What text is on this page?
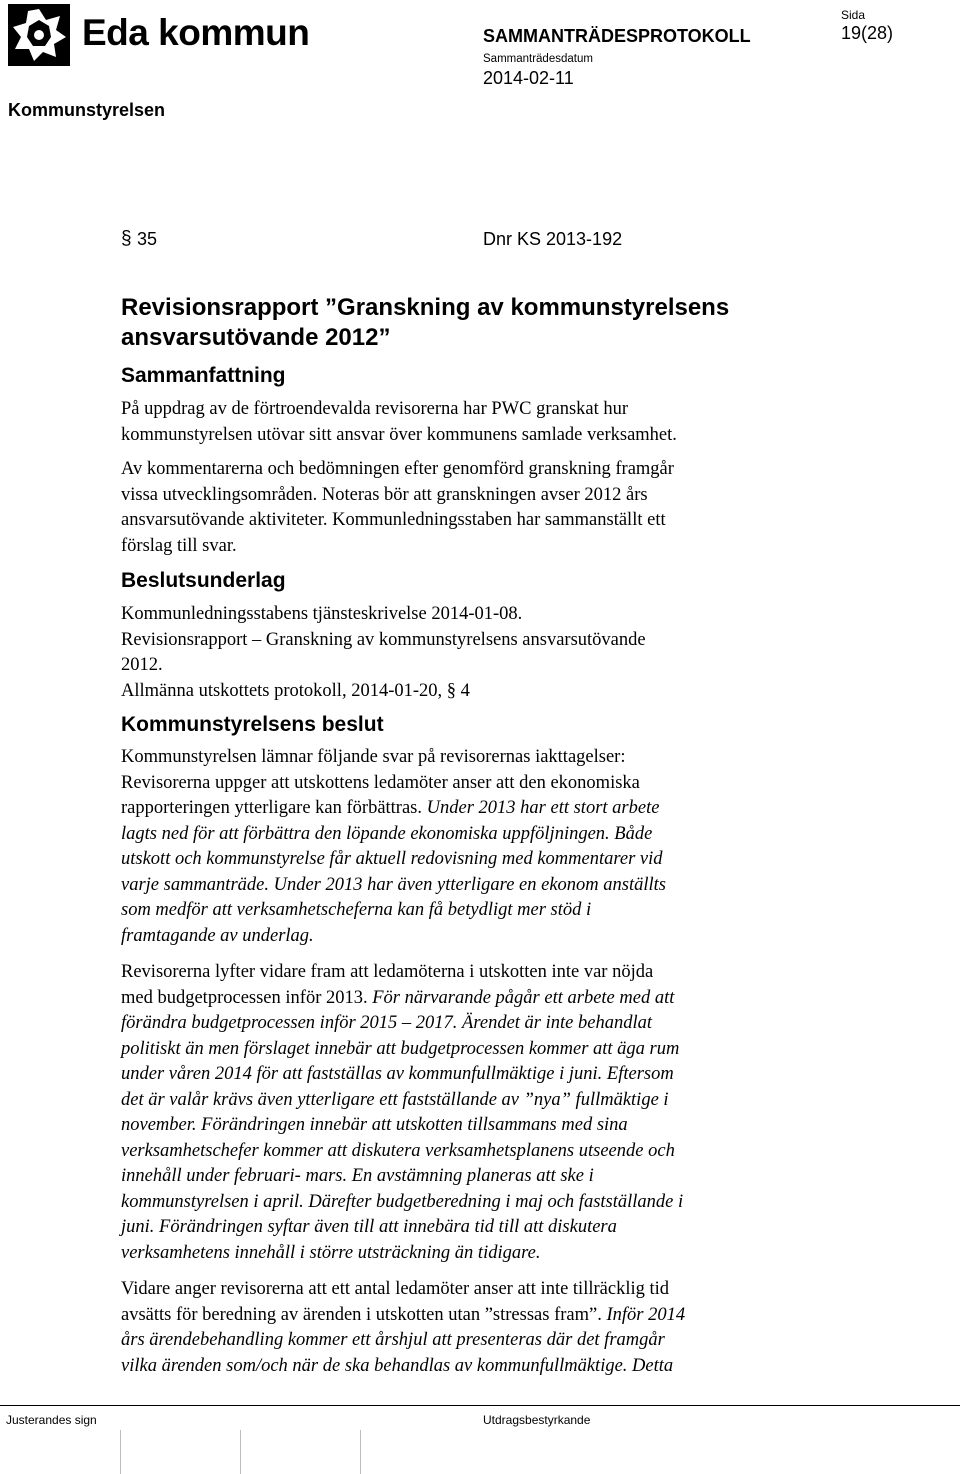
Eda kommun	SAMMANTRÄDESPROTOKOLL
Sammanträdesdatum
2014-02-11
Sida
19(28)
Kommunstyrelsen
§ 35	Dnr KS 2013-192
Revisionsrapport ”Granskning av kommunstyrelsens
ansvarsutövande 2012”
Sammanfattning

På uppdrag av de förtroendevalda revisorerna har PWC granskat hur
kommunstyrelsen utövar sitt ansvar över kommunens samlade verksamhet.

Av kommentarerna och bedömningen efter genomförd granskning framgår
vissa utvecklingsområden. Noteras bör att granskningen avser 2012 års
ansvarsutövande aktiviteter. Kommunledningsstaben har sammanställt ett
förslag till svar.

Beslutsunderlag
Kommunledningsstabens tjänsteskrivelse 2014-01-08.
Revisionsrapport – Granskning av kommunstyrelsens ansvarsutövande
2012.
Allmänna utskottets protokoll, 2014-01-20, § 4
Kommunstyrelsens beslut
Kommunstyrelsen lämnar följande svar på revisorernas iakttagelser:
Revisorerna uppger att utskottens ledamöter anser att den ekonomiska
rapporteringen ytterligare kan förbättras. Under 2013 har ett stort arbete
lagts ned för att förbättra den löpande ekonomiska uppföljningen. Både
utskott och kommunstyrelse får aktuell redovisning med kommentarer vid
varje sammanträde. Under 2013 har även ytterligare en ekonom anställts
som medför att verksamhetscheferna kan få betydligt mer stöd i
framtagande av underlag.
Revisorerna lyfter vidare fram att ledamöterna i utskotten inte var nöjda
med budgetprocessen inför 2013. För närvarande pågår ett arbete med att
förändra budgetprocessen inför 2015 – 2017. Ärendet är inte behandlat
politiskt än men förslaget innebär att budgetprocessen kommer att äga rum
under våren 2014 för att fastställas av kommunfullmäktige i juni. Eftersom
det är valår krävs även ytterligare ett fastställande av ”nya” fullmäktige i
november. Förändringen innebär att utskotten tillsammans med sina
verksamhetschefer kommer att diskutera verksamhetsplanens utseende och
innehåll under februari- mars. En avstämning planeras att ske i
kommunstyrelsen i april. Därefter budgetberedning i maj och fastställande i
juni. Förändringen syftar även till att innebära tid till att diskutera
verksamhetens innehåll i större utsträckning än tidigare.
Vidare anger revisorerna att ett antal ledamöter anser att inte tillräcklig tid
avsätts för beredning av ärenden i utskotten utan ”stressas fram”. Inför 2014
års ärendebehandling kommer ett årshjul att presenteras där det framgår
vilka ärenden som/och när de ska behandlas av kommunfullmäktige. Detta
Justerandes sign	Utdragsbestyrkande
